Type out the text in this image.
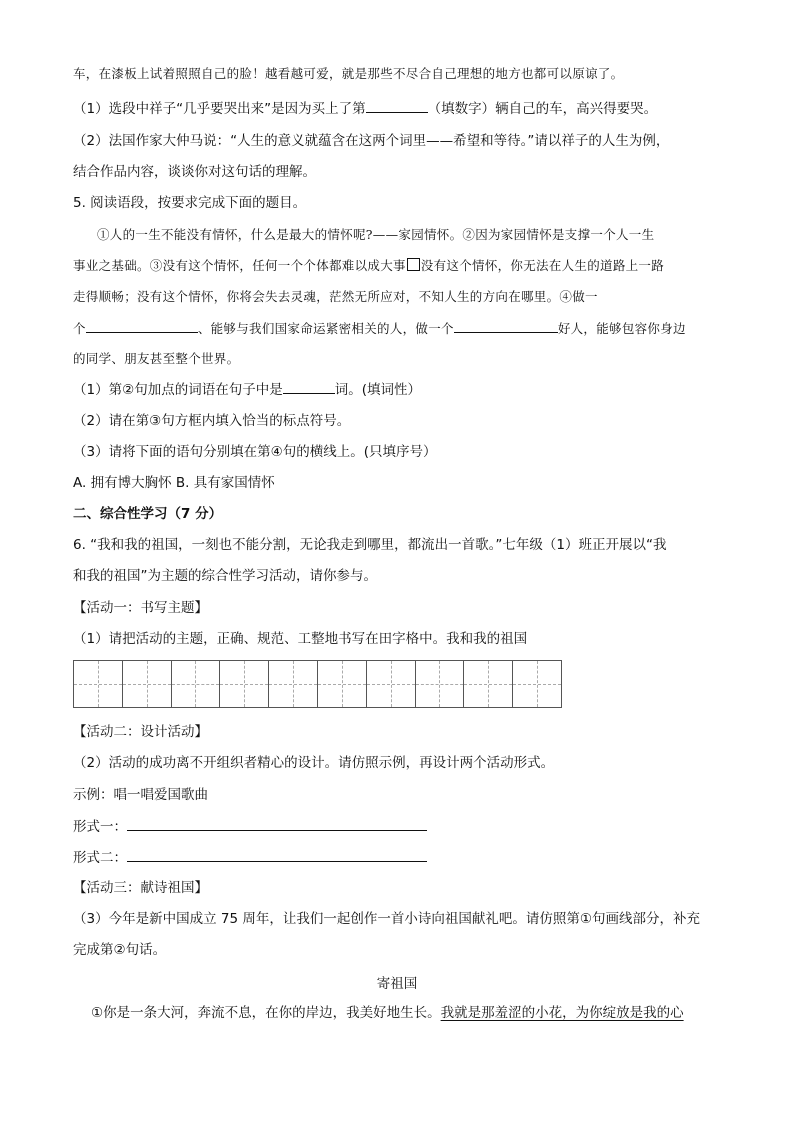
车，在漆板上试着照照自己的脸！越看越可爱，就是那些不尽合自己理想的地方也都可以原谅了。
（1）选段中祥子“几乎要哭出来”是因为买上了第	（填数字）辆自己的车，高兴得要哭。
（2）法国作家大仲马说：“人生的意义就蕴含在这两个词里——希望和等待。”请以祥子的人生为例，
结合作品内容，谈谈你对这句话的理解。
5. 阅读语段，按要求完成下面的题目。
①人的一生不能没有情怀，什么是最大的情怀呢?——家园情怀。②因为家园情怀是支撑一个人一生
事业之基础。③没有这个情怀，任何一个个体都难以成大事 没有这个情怀，你无法在人生的道路上一路
走得顺畅；没有这个情怀，你将会失去灵魂，茫然无所应对，不知人生的方向在哪里。④做一
个	、能够与我们国家命运紧密相关的人，做一个	好人，能够包容你身边
的同学、朋友甚至整个世界。
（1）第②句加点的词语在句子中是	词。(填词性）
（2）请在第③句方框内填入恰当的标点符号。
（3）请将下面的语句分别填在第④句的横线上。(只填序号）
A. 拥有博大胸怀 B. 具有家国情怀
二、综合性学习（7 分）
6. “我和我的祖国，一刻也不能分割，无论我走到哪里，都流出一首歌。”七年级（1）班正开展以“我
和我的祖国”为主题的综合性学习活动，请你参与。
【活动一：书写主题】
（1）请把活动的主题，正确、规范、工整地书写在田字格中。我和我的祖国
【活动二：设计活动】
（2）活动的成功离不开组织者精心的设计。请仿照示例，再设计两个活动形式。
示例：唱一唱爱国歌曲
形式一：
形式二：
【活动三：献诗祖国】
（3）今年是新中国成立 75 周年，让我们一起创作一首小诗向祖国献礼吧。请仿照第①句画线部分，补充
完成第②句话。
寄祖国
①你是一条大河，奔流不息，在你的岸边，我美好地生长。我就是那羞涩的小花，为你绽放是我的心
